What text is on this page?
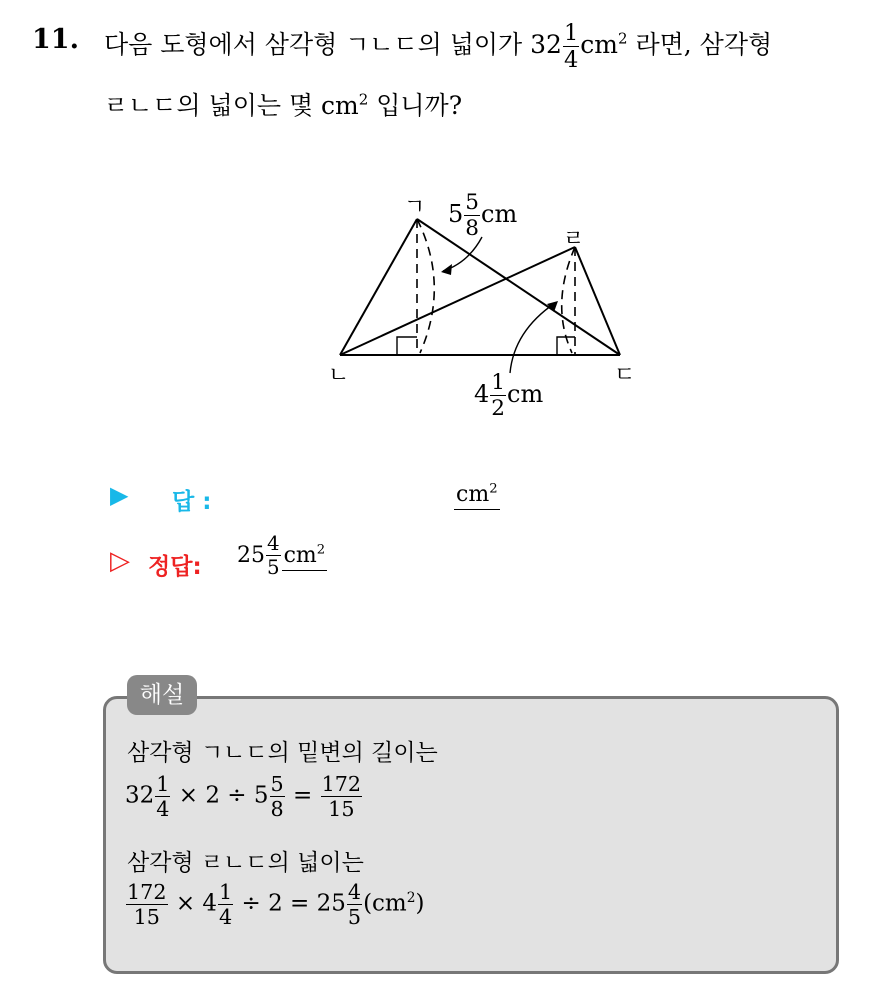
11. 다음 도형에서 삼각형 ㄱㄴㄷ의 넓이가 $32 \frac{1}{4} cm^2$ 라면, 삼각형
ㄹㄴㄷ의 넓이는 몇 $cm^2$ 입니까?
ㄱ
ㄴ	ㄷ
ㄹ
$5 \frac{5}{8}$ cm
$4 \frac{1}{2}$ cm
▶ 답 :	$cm^2$
▷ 정답: $25 \frac{4}{5} cm^2$
해설
삼각형 ㄱㄴㄷ의 밑변의 길이는
$32 \frac{1}{4} \times 2 \div 5 \frac{5}{8} = \frac{172}{15}$
삼각형 ㄹㄴㄷ의 넓이는
$\frac{172}{15} \times 4 \frac{1}{4} \div 2 = 25 \frac{4}{5} (cm^2)$
